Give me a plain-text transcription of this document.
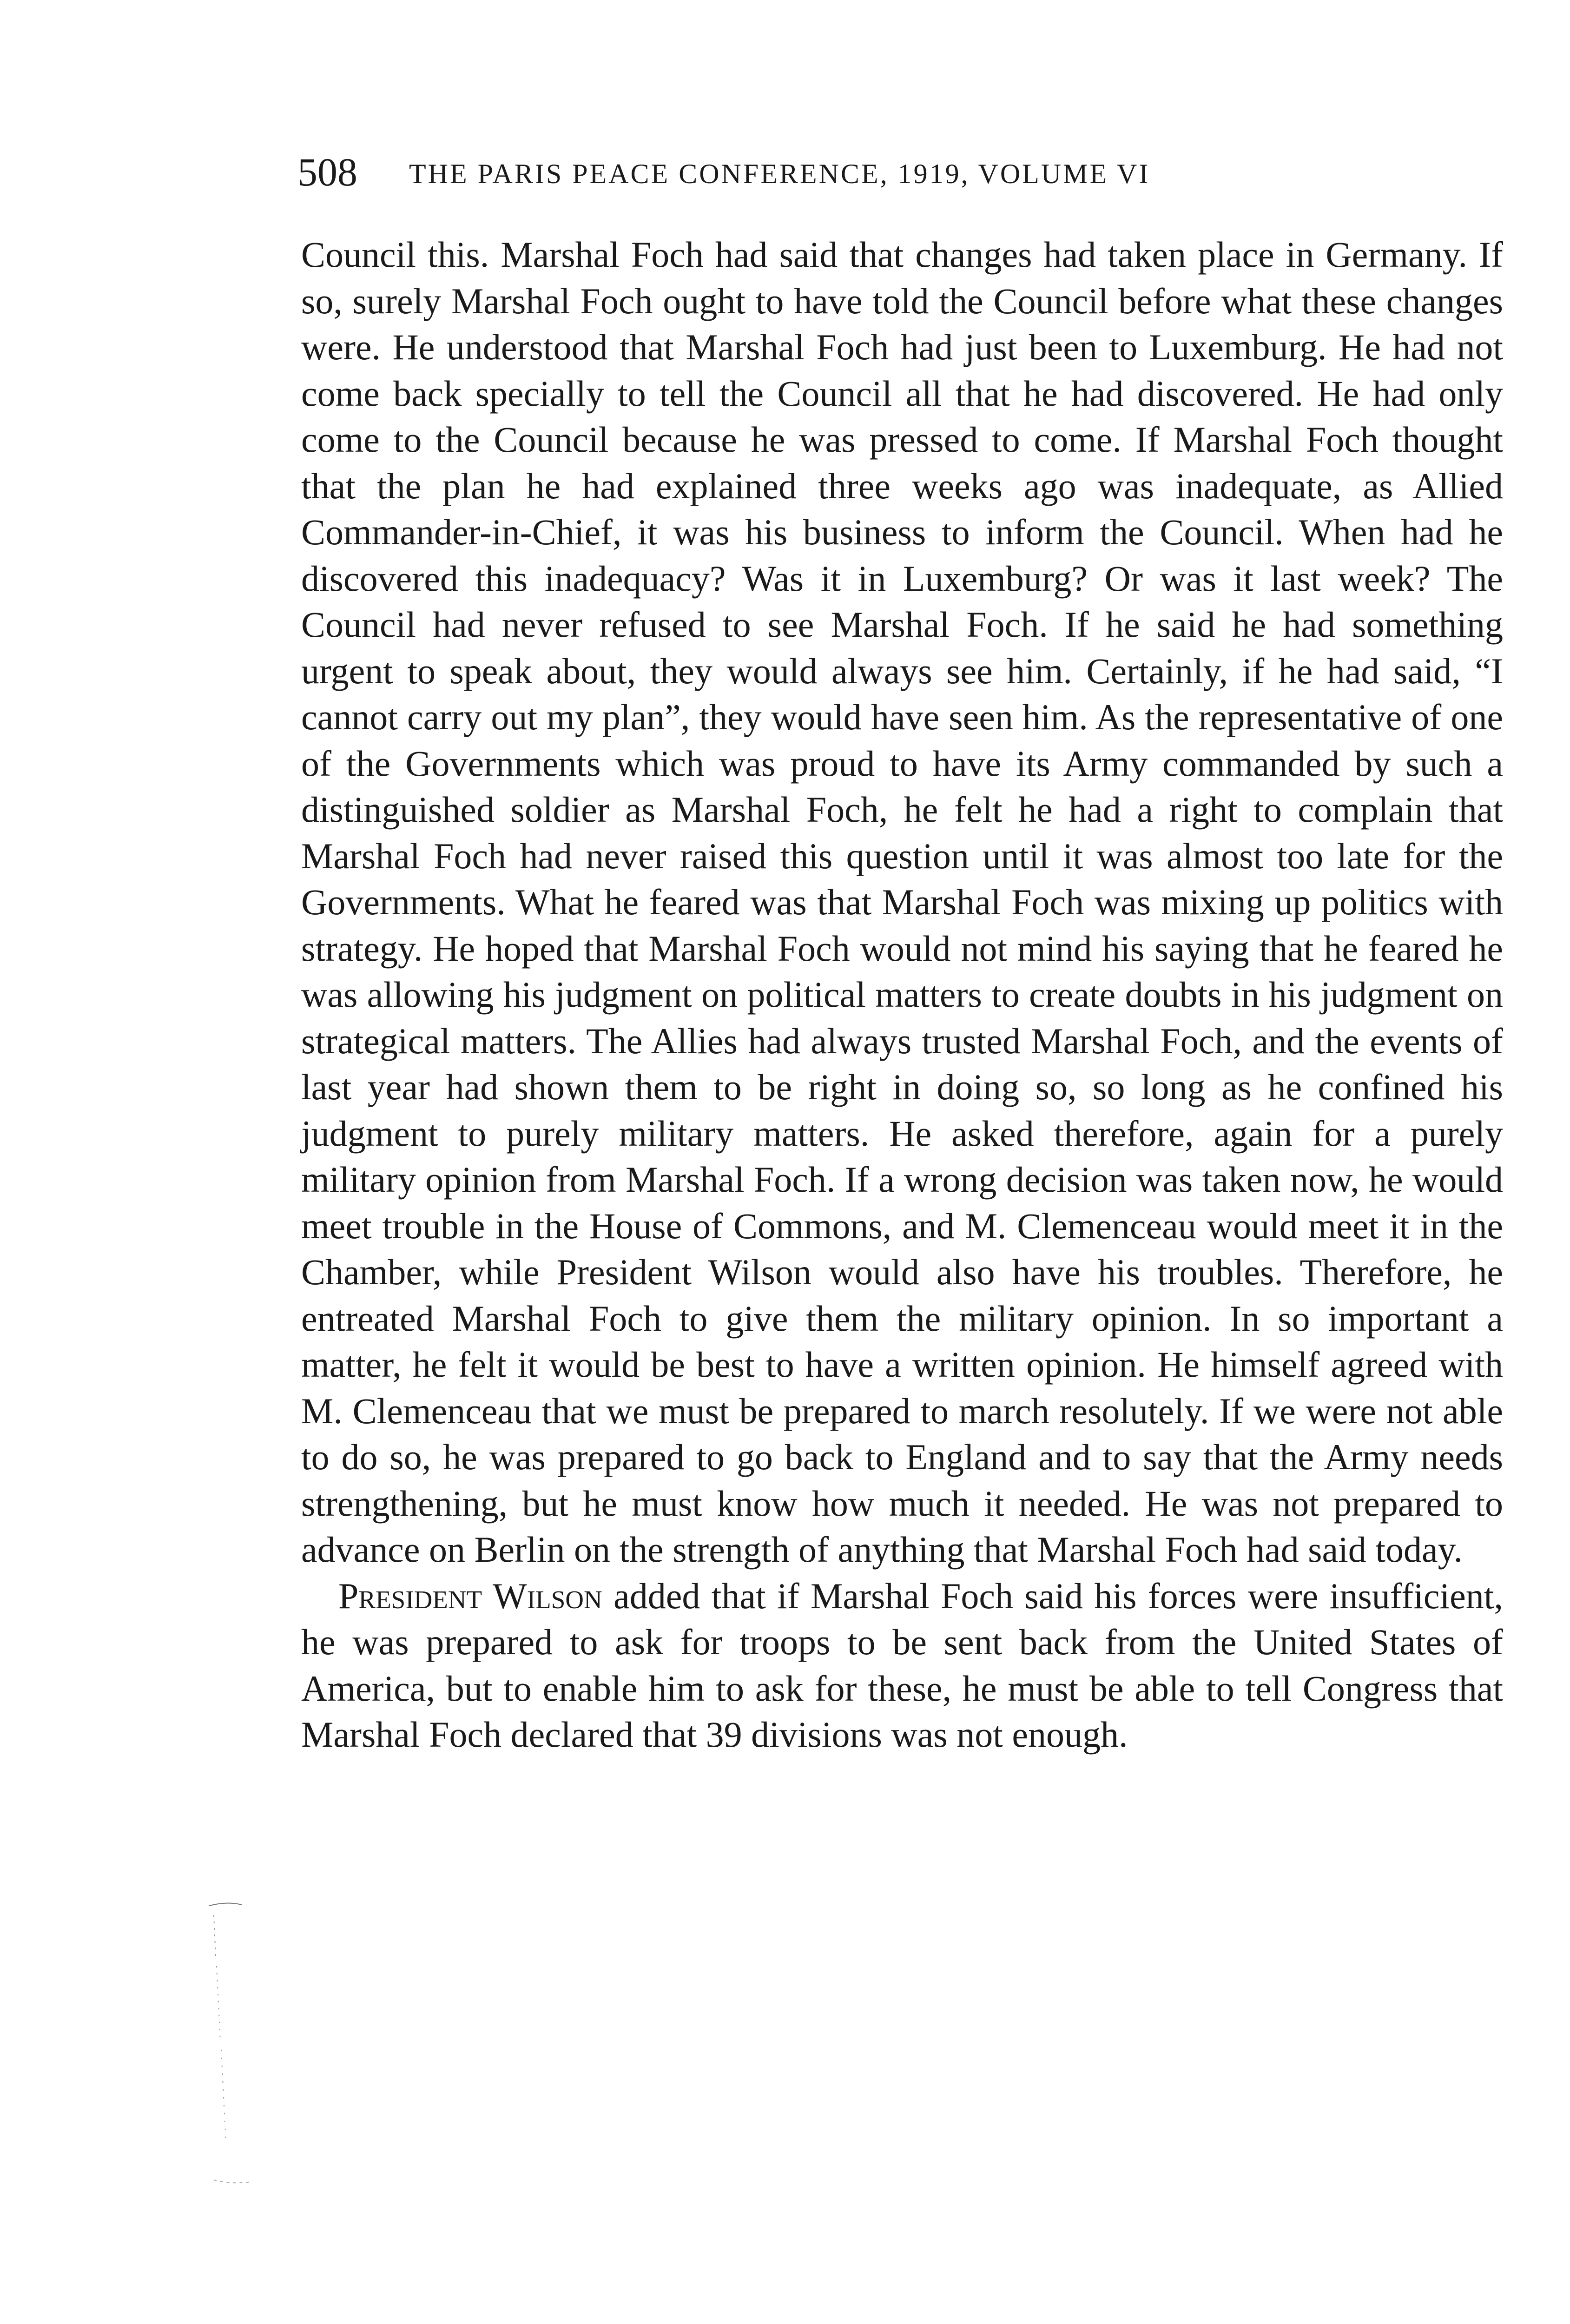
508 THE PARIS PEACE CONFERENCE, 1919, VOLUME VI

Council this. Marshal Foch had said that changes had taken place in Germany. If so, surely Marshal Foch ought to have told the Council before what these changes were. He understood that Marshal Foch had just been to Luxemburg. He had not come back specially to tell the Council all that he had discovered. He had only come to the Council because he was pressed to come. If Marshal Foch thought that the plan he had explained three weeks ago was inadequate, as Allied Commander-in-Chief, it was his business to inform the Council. When had he discovered this inadequacy? Was it in Luxemburg? Or was it last week? The Council had never refused to see Marshal Foch. If he said he had something urgent to speak about, they would always see him. Certainly, if he had said, “I cannot carry out my plan”, they would have seen him. As the representative of one of the Governments which was proud to have its Army commanded by such a distinguished soldier as Marshal Foch, he felt he had a right to complain that Marshal Foch had never raised this question until it was almost too late for the Governments. What he feared was that Marshal Foch was mixing up politics with strategy. He hoped that Marshal Foch would not mind his saying that he feared he was allowing his judgment on political matters to create doubts in his judgment on strategical matters. The Allies had always trusted Marshal Foch, and the events of last year had shown them to be right in doing so, so long as he confined his judgment to purely military matters. He asked therefore, again for a purely military opinion from Marshal Foch. If a wrong decision was taken now, he would meet trouble in the House of Commons, and M. Clemenceau would meet it in the Chamber, while President Wilson would also have his troubles. Therefore, he entreated Marshal Foch to give them the military opinion. In so important a matter, he felt it would be best to have a written opinion. He himself agreed with M. Clemenceau that we must be prepared to march resolutely. If we were not able to do so, he was prepared to go back to England and to say that the Army needs strengthening, but he must know how much it needed. He was not prepared to advance on Berlin on the strength of anything that Marshal Foch had said today.

President Wilson added that if Marshal Foch said his forces were insufficient, he was prepared to ask for troops to be sent back from the United States of America, but to enable him to ask for these, he must be able to tell Congress that Marshal Foch declared that 39 divisions was not enough.
